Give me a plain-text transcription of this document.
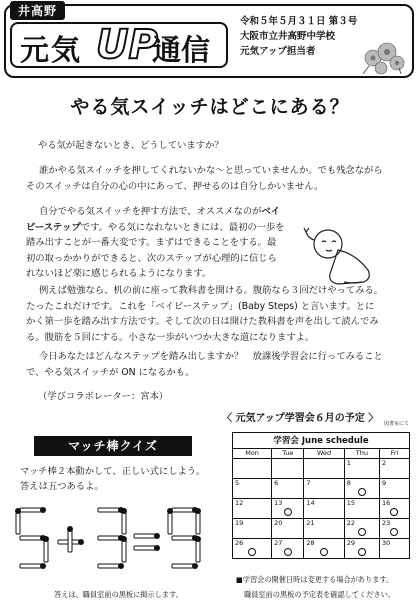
井高野
元気 UP
通信
令和５年５月３１日 第３号
大阪市立井高野中学校
元気アップ担当者
やる気スイッチはどこにある？
やる気が起きないとき、どうしていますか？
誰かやる気スイッチを押してくれないかな～と思っていませんか。でも残念ながら
そのスイッチは自分の心の中にあって、押せるのは自分しかいません。
自分でやる気スイッチを押す方法で、オススメなのがベイ
ビーステップです。やる気になれないときには、最初の一歩を
踏み出すことが一番大変です。まずはできることをする。最
初の取っかかりができると、次のステップが心理的に信じら
れないほど楽に感じられるようになります。
例えば勉強なら、机の前に座って教科書を開ける。腹筋なら３回だけやってみる。
たったこれだけです。これを「ベイビーステップ」(Baby Steps) と言います。とに
かく第一歩を踏み出す方法です。そして次の日は開けた教科書を声を出して読んでみ
る。腹筋を５回にする。小さな一歩がいつか大きな道になりますよ。
今日あなたはどんなステップを踏み出しますか？　放課後学習会に行ってみること
で、やる気スイッチが ON になるかも。
（学びコラボレーター：宮本）
マッチ棒クイズ
マッチ棒２本動かして、正しい式にしよう。
答えは五つあるよ。
答えは、職員室前の黒板に掲示します。
〈 元気アップ学習会６月の予定 〉 図書室にて
学習会 June schedule
Mon	Tue	Wed	Thu	Fri

			1	2

5	6	7	8	9

12	13	14	15	16

19	20	21	22	23

26	27	28	29	30
■学習会の開催日時は変更する場合があります。
職員室前の黒板の予定表を確認してください。
